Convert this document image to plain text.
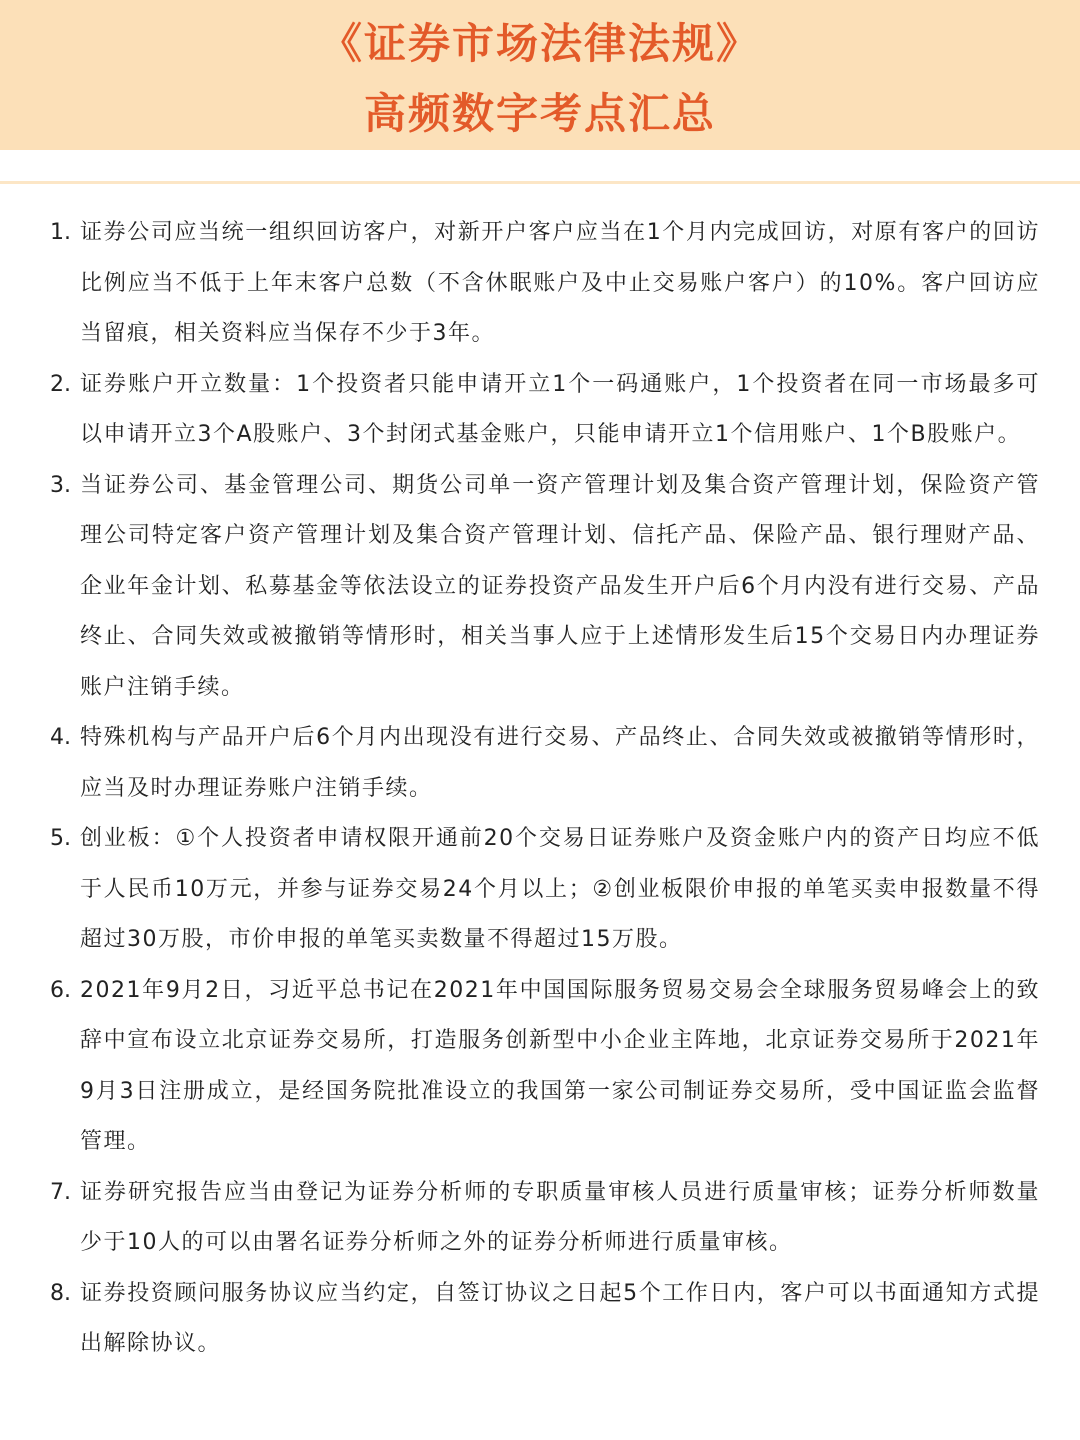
《证券市场法律法规》
高频数字考点汇总
1. 证券公司应当统一组织回访客户，对新开户客户应当在1个月内完成回访，对原有客户的回访比例应当不低于上年末客户总数（不含休眠账户及中止交易账户客户）的10%。客户回访应当留痕，相关资料应当保存不少于3年。
2. 证券账户开立数量：1个投资者只能申请开立1个一码通账户，1个投资者在同一市场最多可以申请开立3个A股账户、3个封闭式基金账户，只能申请开立1个信用账户、1个B股账户。
3. 当证券公司、基金管理公司、期货公司单一资产管理计划及集合资产管理计划，保险资产管理公司特定客户资产管理计划及集合资产管理计划、信托产品、保险产品、银行理财产品、企业年金计划、私募基金等依法设立的证券投资产品发生开户后6个月内没有进行交易、产品终止、合同失效或被撤销等情形时，相关当事人应于上述情形发生后15个交易日内办理证券账户注销手续。
4. 特殊机构与产品开户后6个月内出现没有进行交易、产品终止、合同失效或被撤销等情形时，应当及时办理证券账户注销手续。
5. 创业板：①个人投资者申请权限开通前20个交易日证券账户及资金账户内的资产日均应不低于人民币10万元，并参与证券交易24个月以上；②创业板限价申报的单笔买卖申报数量不得超过30万股，市价申报的单笔买卖数量不得超过15万股。
6. 2021年9月2日，习近平总书记在2021年中国国际服务贸易交易会全球服务贸易峰会上的致辞中宣布设立北京证券交易所，打造服务创新型中小企业主阵地，北京证券交易所于2021年9月3日注册成立，是经国务院批准设立的我国第一家公司制证券交易所，受中国证监会监督管理。
7. 证券研究报告应当由登记为证券分析师的专职质量审核人员进行质量审核；证券分析师数量少于10人的可以由署名证券分析师之外的证券分析师进行质量审核。
8. 证券投资顾问服务协议应当约定，自签订协议之日起5个工作日内，客户可以书面通知方式提出解除协议。
